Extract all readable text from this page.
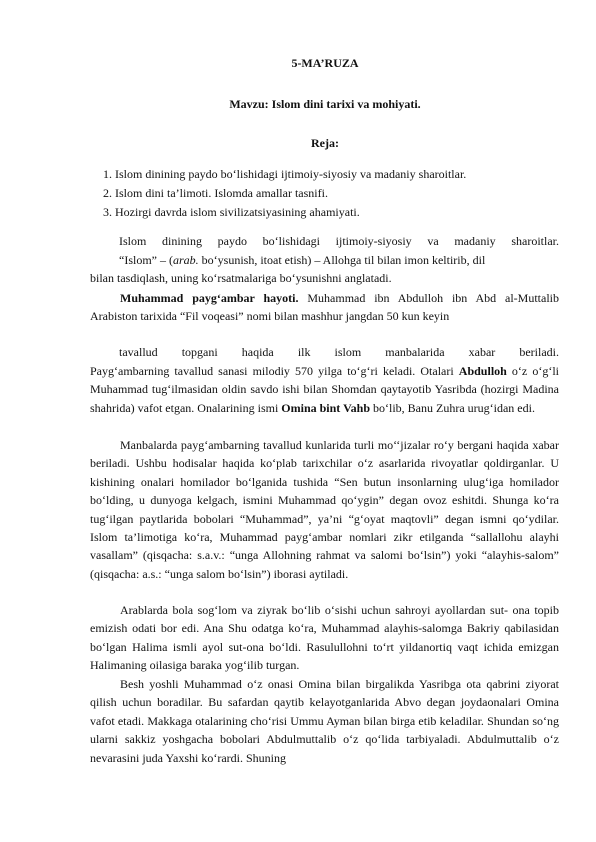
5-MA’RUZA
Mavzu: Islom dini tarixi va mohiyati.
Reja:
1. Islom dinining paydo bo‘lishidagi ijtimoiy-siyosiy va madaniy sharoitlar.
2. Islom dini ta’limoti. Islomda amallar tasnifi.
3. Hozirgi davrda islom sivilizatsiyasining ahamiyati.
Islom dinining paydo bo‘lishidagi ijtimoiy-siyosiy va madaniy sharoitlar.
“Islom” – (arab. bo‘ysunish, itoat etish) – Allohga til bilan imon keltirib, dil
bilan tasdiqlash, uning ko‘rsatmalariga bo‘ysunishni anglatadi.

Muhammad payg‘ambar hayoti. Muhammad ibn Abdulloh ibn Abd al-Muttalib Arabiston tarixida “Fil voqeasi” nomi bilan mashhur jangdan 50 kun keyin

tavallud topgani haqida ilk islom manbalarida xabar beriladi.

Payg‘ambarning tavallud sanasi milodiy 570 yilga to‘g‘ri keladi. Otalari Abdulloh o‘z o‘g‘li Muhammad tug‘ilmasidan oldin savdo ishi bilan Shomdan qaytayotib Yasribda (hozirgi Madina shahrida) vafot etgan. Onalarining ismi Omina bint Vahb bo‘lib, Banu Zuhra urug‘idan edi.

Manbalarda payg‘ambarning tavallud kunlarida turli mo‘‘jizalar ro‘y bergani haqida xabar beriladi. Ushbu hodisalar haqida ko‘plab tarixchilar o‘z asarlarida rivoyatlar qoldirganlar. U kishining onalari homilador bo‘lganida tushida “Sen butun insonlarning ulug‘iga homilador bo‘lding, u dunyoga kelgach, ismini Muhammad qo‘ygin” degan ovoz eshitdi. Shunga ko‘ra tug‘ilgan paytlarida bobolari “Muhammad”, ya’ni “g‘oyat maqtovli” degan ismni qo‘ydilar. Islom ta’limotiga ko‘ra, Muhammad payg‘ambar nomlari zikr etilganda “sallallohu alayhi vasallam” (qisqacha: s.a.v.: “unga Allohning rahmat va salomi bo‘lsin”) yoki “alayhis-salom” (qisqacha: a.s.: “unga salom bo‘lsin”) iborasi aytiladi.

Arablarda bola sog‘lom va ziyrak bo‘lib o‘sishi uchun sahroyi ayollardan sut- ona topib emizish odati bor edi. Ana Shu odatga ko‘ra, Muhammad alayhis-salomga Bakriy qabilasidan bo‘lgan Halima ismli ayol sut-ona bo‘ldi. Rasulullohni to‘rt yildanortiq vaqt ichida emizgan Halimaning oilasiga baraka yog‘ilib turgan.

Besh yoshli Muhammad o‘z onasi Omina bilan birgalikda Yasribga ota qabrini ziyorat qilish uchun boradilar. Bu safardan qaytib kelayotganlarida Abvo degan joydaonalari Omina vafot etadi. Makkaga otalarining cho‘risi Ummu Ayman bilan birga etib keladilar. Shundan so‘ng ularni sakkiz yoshgacha bobolari Abdulmuttalib o‘z qo‘lida tarbiyaladi. Abdulmuttalib o‘z nevarasini juda Yaxshi ko‘rardi. Shuning
